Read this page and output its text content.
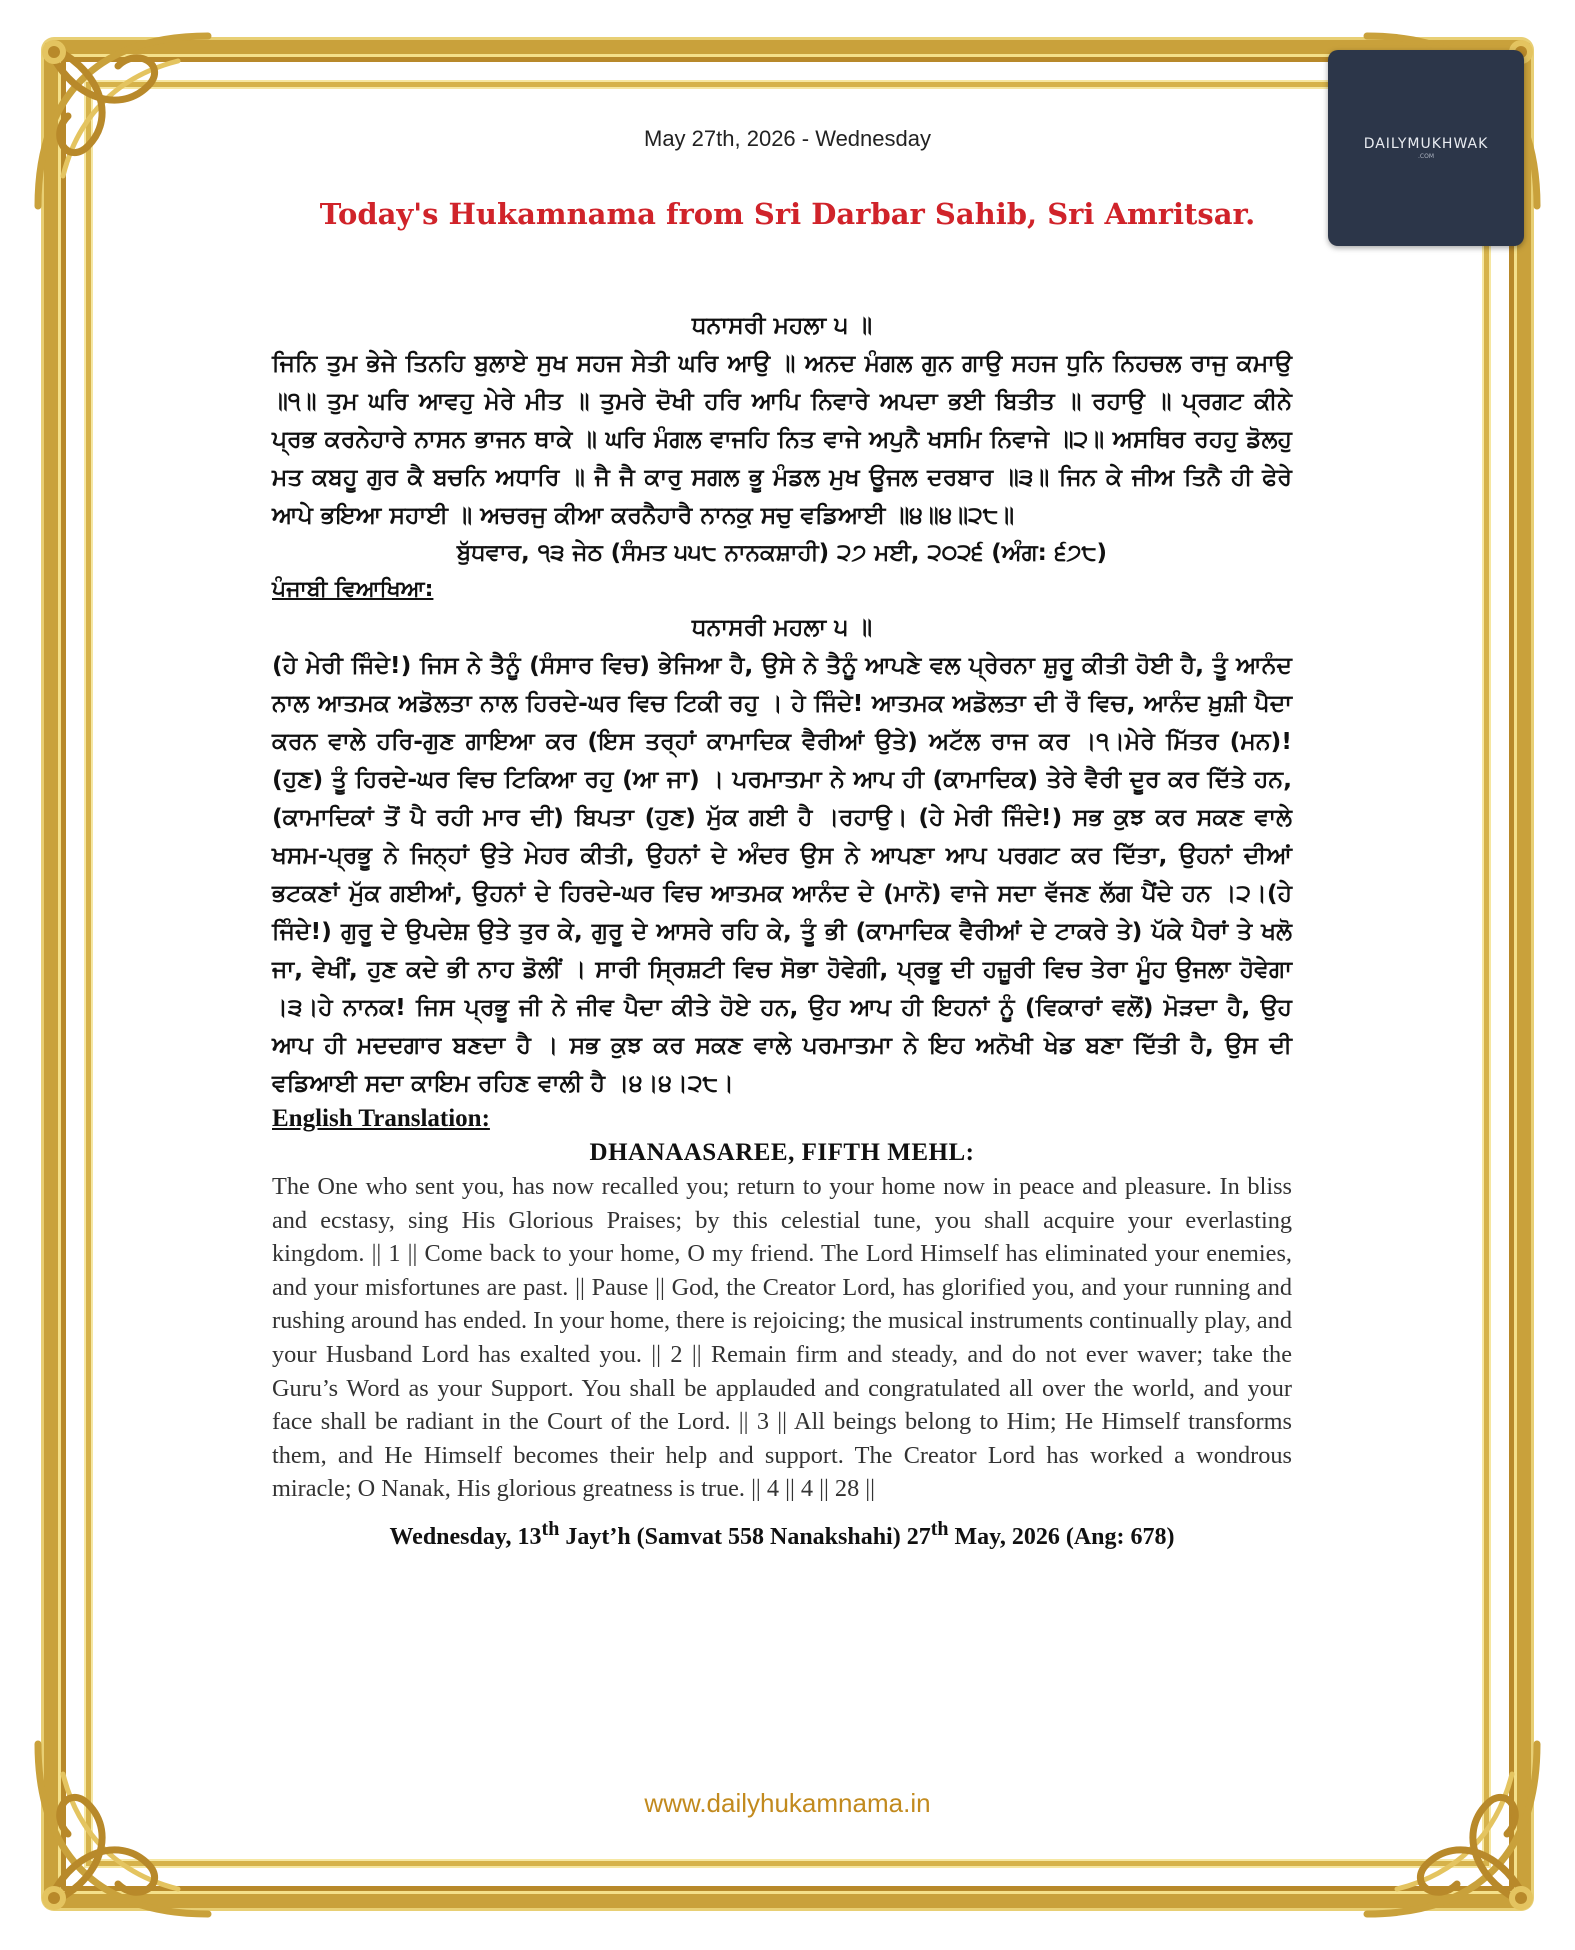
DAILYMUKHWAK
.COM
May 27th, 2026 - Wednesday
Today's Hukamnama from Sri Darbar Sahib, Sri Amritsar.

ਧਨਾਸਰੀ ਮਹਲਾ ੫ ॥

ਜਿਨਿ ਤੁਮ ਭੇਜੇ ਤਿਨਹਿ ਬੁਲਾਏ ਸੁਖ ਸਹਜ ਸੇਤੀ ਘਰਿ ਆਉ ॥ ਅਨਦ ਮੰਗਲ ਗੁਨ ਗਾਉ ਸਹਜ ਧੁਨਿ ਨਿਹਚਲ ਰਾਜੁ ਕਮਾਉ ॥੧॥ ਤੁਮ ਘਰਿ ਆਵਹੁ ਮੇਰੇ ਮੀਤ ॥ ਤੁਮਰੇ ਦੋਖੀ ਹਰਿ ਆਪਿ ਨਿਵਾਰੇ ਅਪਦਾ ਭਈ ਬਿਤੀਤ ॥ ਰਹਾਉ ॥ ਪ੍ਰਗਟ ਕੀਨੇ ਪ੍ਰਭ ਕਰਨੇਹਾਰੇ ਨਾਸਨ ਭਾਜਨ ਥਾਕੇ ॥ ਘਰਿ ਮੰਗਲ ਵਾਜਹਿ ਨਿਤ ਵਾਜੇ ਅਪੁਨੈ ਖਸਮਿ ਨਿਵਾਜੇ ॥੨॥ ਅਸਥਿਰ ਰਹਹੁ ਡੋਲਹੁ ਮਤ ਕਬਹੂ ਗੁਰ ਕੈ ਬਚਨਿ ਅਧਾਰਿ ॥ ਜੈ ਜੈ ਕਾਰੁ ਸਗਲ ਭੂ ਮੰਡਲ ਮੁਖ ਊਜਲ ਦਰਬਾਰ ॥੩॥ ਜਿਨ ਕੇ ਜੀਅ ਤਿਨੈ ਹੀ ਫੇਰੇ ਆਪੇ ਭਇਆ ਸਹਾਈ ॥ ਅਚਰਜੁ ਕੀਆ ਕਰਨੈਹਾਰੈ ਨਾਨਕੁ ਸਚੁ ਵਡਿਆਈ ॥੪॥੪॥੨੮॥

ਬੁੱਧਵਾਰ, ੧੩ ਜੇਠ (ਸੰਮਤ ੫੫੮ ਨਾਨਕਸ਼ਾਹੀ) ੨੭ ਮਈ, ੨੦੨੬ (ਅੰਗ: ੬੭੮)

ਪੰਜਾਬੀ ਵਿਆਖਿਆ:

ਧਨਾਸਰੀ ਮਹਲਾ ੫ ॥

(ਹੇ ਮੇਰੀ ਜਿੰਦੇ!) ਜਿਸ ਨੇ ਤੈਨੂੰ (ਸੰਸਾਰ ਵਿਚ) ਭੇਜਿਆ ਹੈ, ਉਸੇ ਨੇ ਤੈਨੂੰ ਆਪਣੇ ਵਲ ਪ੍ਰੇਰਨਾ ਸ਼ੁਰੂ ਕੀਤੀ ਹੋਈ ਹੈ, ਤੂੰ ਆਨੰਦ ਨਾਲ ਆਤਮਕ ਅਡੋਲਤਾ ਨਾਲ ਹਿਰਦੇ-ਘਰ ਵਿਚ ਟਿਕੀ ਰਹੁ । ਹੇ ਜਿੰਦੇ! ਆਤਮਕ ਅਡੋਲਤਾ ਦੀ ਰੌ ਵਿਚ, ਆਨੰਦ ਖ਼ੁਸ਼ੀ ਪੈਦਾ ਕਰਨ ਵਾਲੇ ਹਰਿ-ਗੁਣ ਗਾਇਆ ਕਰ (ਇਸ ਤਰ੍ਹਾਂ ਕਾਮਾਦਿਕ ਵੈਰੀਆਂ ਉਤੇ) ਅਟੱਲ ਰਾਜ ਕਰ ।੧।ਮੇਰੇ ਮਿੱਤਰ (ਮਨ)! (ਹੁਣ) ਤੂੰ ਹਿਰਦੇ-ਘਰ ਵਿਚ ਟਿਕਿਆ ਰਹੁ (ਆ ਜਾ) । ਪਰਮਾਤਮਾ ਨੇ ਆਪ ਹੀ (ਕਾਮਾਦਿਕ) ਤੇਰੇ ਵੈਰੀ ਦੂਰ ਕਰ ਦਿੱਤੇ ਹਨ, (ਕਾਮਾਦਿਕਾਂ ਤੋਂ ਪੈ ਰਹੀ ਮਾਰ ਦੀ) ਬਿਪਤਾ (ਹੁਣ) ਮੁੱਕ ਗਈ ਹੈ ।ਰਹਾਉ। (ਹੇ ਮੇਰੀ ਜਿੰਦੇ!) ਸਭ ਕੁਝ ਕਰ ਸਕਣ ਵਾਲੇ ਖਸਮ-ਪ੍ਰਭੂ ਨੇ ਜਿਨ੍ਹਾਂ ਉਤੇ ਮੇਹਰ ਕੀਤੀ, ਉਹਨਾਂ ਦੇ ਅੰਦਰ ਉਸ ਨੇ ਆਪਣਾ ਆਪ ਪਰਗਟ ਕਰ ਦਿੱਤਾ, ਉਹਨਾਂ ਦੀਆਂ ਭਟਕਣਾਂ ਮੁੱਕ ਗਈਆਂ, ਉਹਨਾਂ ਦੇ ਹਿਰਦੇ-ਘਰ ਵਿਚ ਆਤਮਕ ਆਨੰਦ ਦੇ (ਮਾਨੋ) ਵਾਜੇ ਸਦਾ ਵੱਜਣ ਲੱਗ ਪੈਂਦੇ ਹਨ ।੨।(ਹੇ ਜਿੰਦੇ!) ਗੁਰੂ ਦੇ ਉਪਦੇਸ਼ ਉਤੇ ਤੁਰ ਕੇ, ਗੁਰੂ ਦੇ ਆਸਰੇ ਰਹਿ ਕੇ, ਤੂੰ ਭੀ (ਕਾਮਾਦਿਕ ਵੈਰੀਆਂ ਦੇ ਟਾਕਰੇ ਤੇ) ਪੱਕੇ ਪੈਰਾਂ ਤੇ ਖਲੋ ਜਾ, ਵੇਖੀਂ, ਹੁਣ ਕਦੇ ਭੀ ਨਾਹ ਡੋਲੀਂ । ਸਾਰੀ ਸ੍ਰਿਸ਼ਟੀ ਵਿਚ ਸੋਭਾ ਹੋਵੇਗੀ, ਪ੍ਰਭੂ ਦੀ ਹਜ਼ੂਰੀ ਵਿਚ ਤੇਰਾ ਮੂੰਹ ਉਜਲਾ ਹੋਵੇਗਾ ।੩।ਹੇ ਨਾਨਕ! ਜਿਸ ਪ੍ਰਭੂ ਜੀ ਨੇ ਜੀਵ ਪੈਦਾ ਕੀਤੇ ਹੋਏ ਹਨ, ਉਹ ਆਪ ਹੀ ਇਹਨਾਂ ਨੂੰ (ਵਿਕਾਰਾਂ ਵਲੋਂ) ਮੋੜਦਾ ਹੈ, ਉਹ ਆਪ ਹੀ ਮਦਦਗਾਰ ਬਣਦਾ ਹੈ । ਸਭ ਕੁਝ ਕਰ ਸਕਣ ਵਾਲੇ ਪਰਮਾਤਮਾ ਨੇ ਇਹ ਅਨੋਖੀ ਖੇਡ ਬਣਾ ਦਿੱਤੀ ਹੈ, ਉਸ ਦੀ ਵਡਿਆਈ ਸਦਾ ਕਾਇਮ ਰਹਿਣ ਵਾਲੀ ਹੈ ।੪।੪।੨੮।

English Translation:

DHANAASAREE, FIFTH MEHL:

The One who sent you, has now recalled you; return to your home now in peace and pleasure. In bliss and ecstasy, sing His Glorious Praises; by this celestial tune, you shall acquire your everlasting kingdom. || 1 || Come back to your home, O my friend. The Lord Himself has eliminated your enemies, and your misfortunes are past. || Pause || God, the Creator Lord, has glorified you, and your running and rushing around has ended. In your home, there is rejoicing; the musical instruments continually play, and your Husband Lord has exalted you. || 2 || Remain firm and steady, and do not ever waver; take the Guru’s Word as your Support. You shall be applauded and congratulated all over the world, and your face shall be radiant in the Court of the Lord. || 3 || All beings belong to Him; He Himself transforms them, and He Himself becomes their help and support. The Creator Lord has worked a wondrous miracle; O Nanak, His glorious greatness is true. || 4 || 4 || 28 ||

Wednesday, 13th Jayt’h (Samvat 558 Nanakshahi) 27th May, 2026 (Ang: 678)

www.dailyhukamnama.in
